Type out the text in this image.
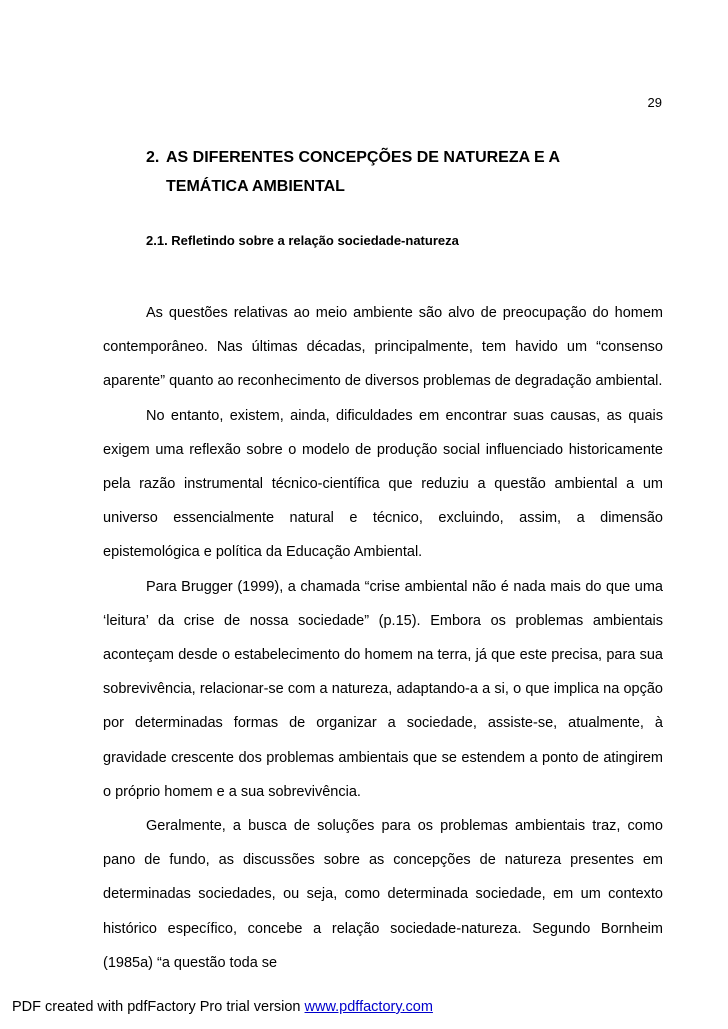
29
2. AS DIFERENTES CONCEPÇÕES DE NATUREZA E A
TEMÁTICA AMBIENTAL
2.1. Refletindo sobre a relação sociedade-natureza

As questões relativas ao meio ambiente são alvo de preocupação do homem contemporâneo. Nas últimas décadas, principalmente, tem havido um “consenso aparente” quanto ao reconhecimento de diversos problemas de degradação ambiental.

No entanto, existem, ainda, dificuldades em encontrar suas causas, as quais exigem uma reflexão sobre o modelo de produção social influenciado historicamente pela razão instrumental técnico-científica que reduziu a questão ambiental a um universo essencialmente natural e técnico, excluindo, assim, a dimensão epistemológica e política da Educação Ambiental.

Para Brugger (1999), a chamada “crise ambiental não é nada mais do que uma ‘leitura’ da crise de nossa sociedade” (p.15). Embora os problemas ambientais aconteçam desde o estabelecimento do homem na terra, já que este precisa, para sua sobrevivência, relacionar-se com a natureza, adaptando-a a si, o que implica na opção por determinadas formas de organizar a sociedade, assiste-se, atualmente, à gravidade crescente dos problemas ambientais que se estendem a ponto de atingirem o próprio homem e a sua sobrevivência.

Geralmente, a busca de soluções para os problemas ambientais traz, como pano de fundo, as discussões sobre as concepções de natureza presentes em determinadas sociedades, ou seja, como determinada sociedade, em um contexto histórico específico, concebe a relação sociedade-natureza. Segundo Bornheim (1985a) “a questão toda se

PDF created with pdfFactory Pro trial version www.pdffactory.com
